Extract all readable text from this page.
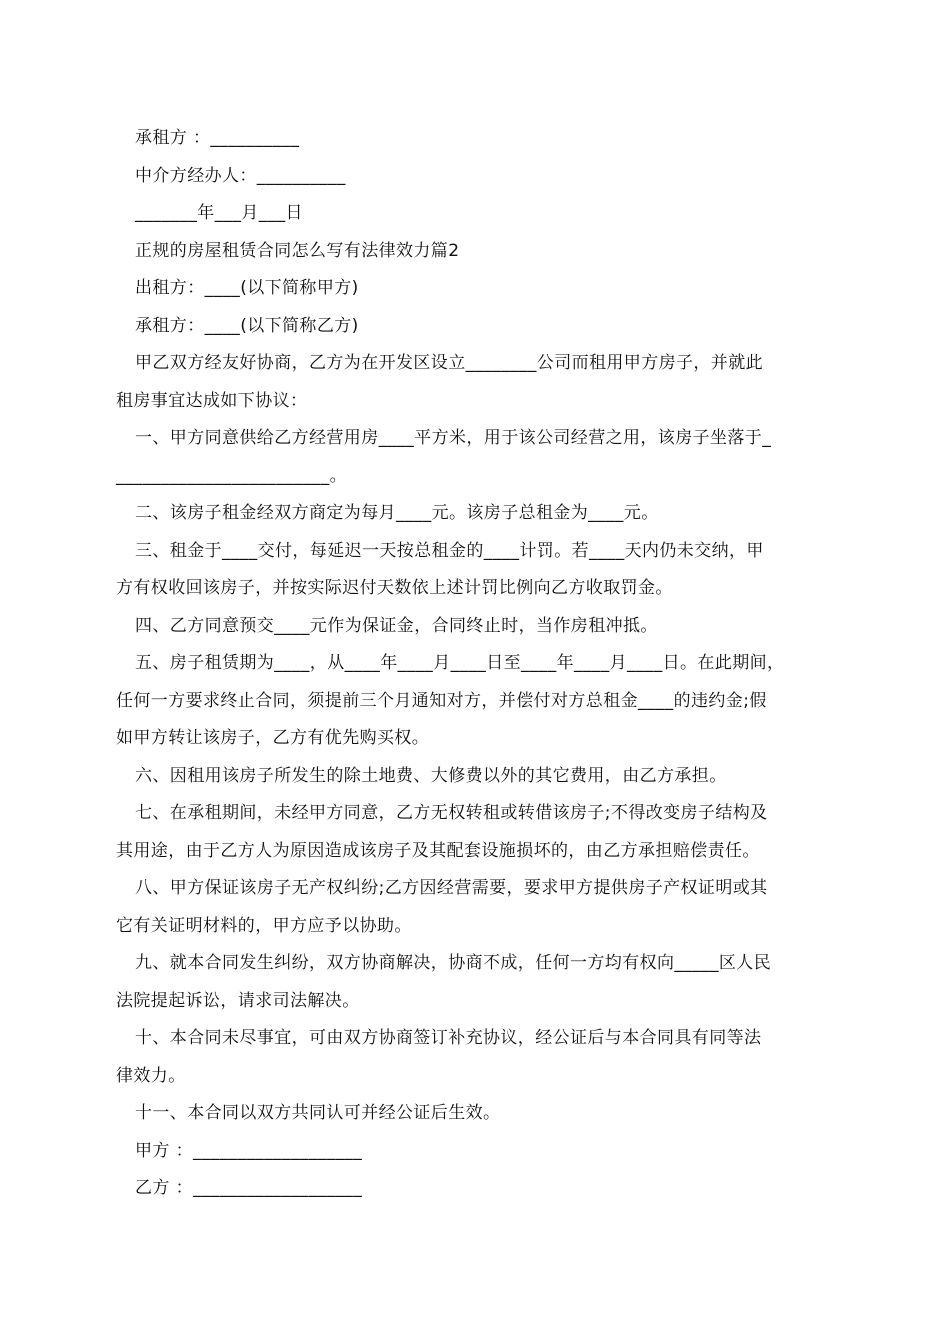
承租方 ：__________

中介方经办人：__________

_______年___月___日

正规的房屋租赁合同怎么写有法律效力篇2

出租方：____(以下简称甲方)

承租方：____(以下简称乙方)

甲乙双方经友好协商，乙方为在开发区设立________公司而租用甲方房子，并就此

租房事宜达成如下协议：

一、甲方同意供给乙方经营用房____平方米，用于该公司经营之用，该房子坐落于_

________________________。

二、该房子租金经双方商定为每月____元。该房子总租金为____元。

三、租金于____交付，每延迟一天按总租金的____计罚。若____天内仍未交纳，甲

方有权收回该房子，并按实际迟付天数依上述计罚比例向乙方收取罚金。

四、乙方同意预交____元作为保证金，合同终止时，当作房租冲抵。

五、房子租赁期为____，从____年____月____日至____年____月____日。在此期间，

任何一方要求终止合同，须提前三个月通知对方，并偿付对方总租金____的违约金;假

如甲方转让该房子，乙方有优先购买权。

六、因租用该房子所发生的除土地费、大修费以外的其它费用，由乙方承担。

七、在承租期间，未经甲方同意，乙方无权转租或转借该房子;不得改变房子结构及

其用途，由于乙方人为原因造成该房子及其配套设施损坏的，由乙方承担赔偿责任。

八、甲方保证该房子无产权纠纷;乙方因经营需要，要求甲方提供房子产权证明或其

它有关证明材料的，甲方应予以协助。

九、就本合同发生纠纷，双方协商解决，协商不成，任何一方均有权向_____区人民

法院提起诉讼，请求司法解决。

十、本合同未尽事宜，可由双方协商签订补充协议，经公证后与本合同具有同等法

律效力。

十一、本合同以双方共同认可并经公证后生效。

甲方 ：___________________

乙方 ：___________________
